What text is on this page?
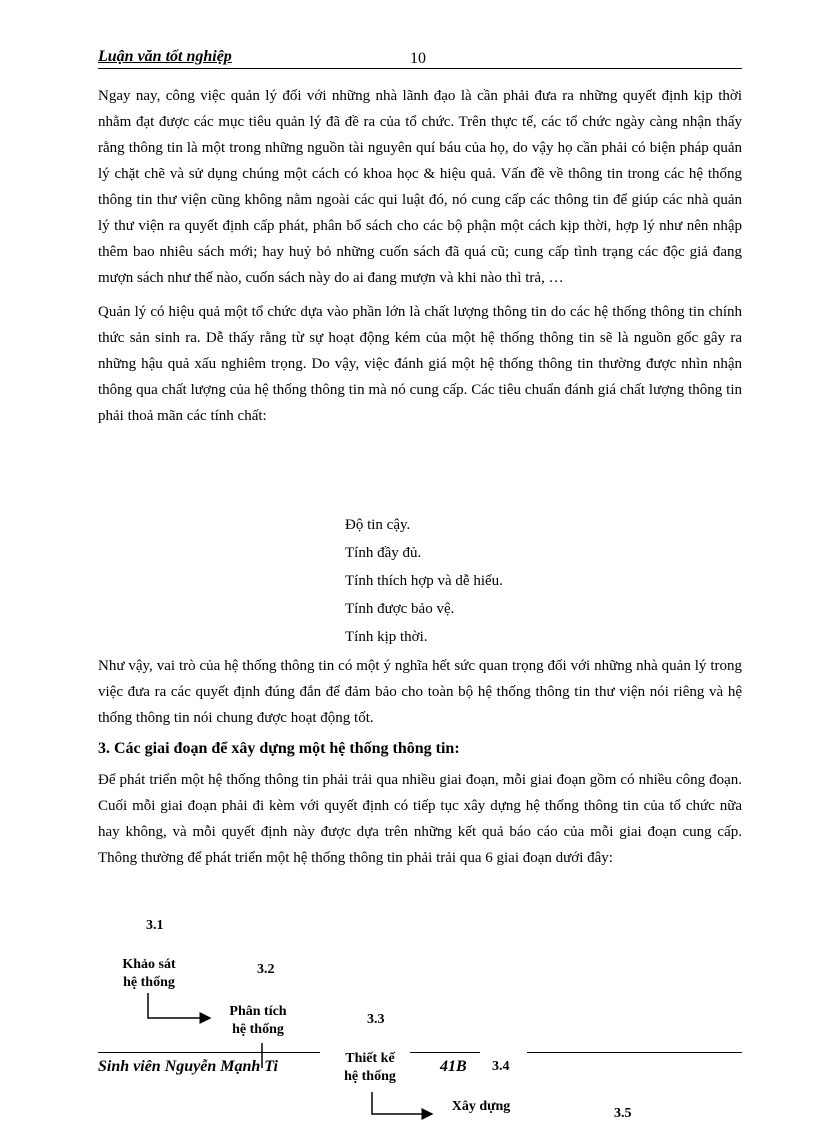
Luận văn tốt nghiệp	10

Ngay nay, công việc quản lý đối với những nhà lãnh đạo là cần phải đưa ra những quyết định kịp thời nhằm đạt được các mục tiêu quản lý đã đề ra của tổ chức. Trên thực tế, các tổ chức ngày càng nhận thấy rằng thông tin là một trong những nguồn tài nguyên quí báu của họ, do vậy họ cần phải có biện pháp quản lý chặt chẽ và sử dụng chúng một cách có khoa học & hiệu quả. Vấn đề về thông tin trong các hệ thống thông tin thư viện cũng không nằm ngoài các qui luật đó, nó cung cấp các thông tin để giúp các nhà quản lý thư viện ra quyết định cấp phát, phân bổ sách cho các bộ phận một cách kịp thời, hợp lý như nên nhập thêm bao nhiêu sách mới; hay huỷ bỏ những cuốn sách đã quá cũ; cung cấp tình trạng các độc giả đang mượn sách như thế nào, cuốn sách này do ai đang mượn và khi nào thì trả, …

Quản lý có hiệu quả một tổ chức dựa vào phần lớn là chất lượng thông tin do các hệ thống thông tin chính thức sản sinh ra. Dễ thấy rằng từ sự hoạt động kém của một hệ thống thông tin sẽ là nguồn gốc gây ra những hậu quả xấu nghiêm trọng. Do vậy, việc đánh giá một hệ thống thông tin thường được nhìn nhận thông qua chất lượng của hệ thống thông tin mà nó cung cấp. Các tiêu chuẩn đánh giá chất lượng thông tin phải thoả mãn các tính chất:

Độ tin cậy.
Tính đầy đủ.
Tính thích hợp và dễ hiểu.
Tính được bảo vệ.
Tính kịp thời.

Như vậy, vai trò của hệ thống thông tin có một ý nghĩa hết sức quan trọng đối với những nhà quản lý trong việc đưa ra các quyết định đúng đắn để đảm bảo cho toàn bộ hệ thống thông tin thư viện nói riêng và hệ thống thông tin nói chung được hoạt động tốt.

3. Các giai đoạn để xây dựng một hệ thống thông tin:

Để phát triển một hệ thống thông tin phải trải qua nhiều giai đoạn, mỗi giai đoạn gồm có nhiều công đoạn. Cuối mỗi giai đoạn phải đi kèm với quyết định có tiếp tục xây dựng hệ thống thông tin của tổ chức nữa hay không, và mỗi quyết định này được dựa trên những kết quả báo cáo của mỗi giai đoạn cung cấp. Thông thường để phát triển một hệ thống thông tin phải trải qua 6 giai đoạn dưới đây:

3.1
3.2
3.3
3.4
3.5
Khảo sát
hệ thống
Phân tích
hệ thống
Sinh viên Nguyễn Mạnh Ti	41B
Thiết kế
hệ thống
Xây dựng
